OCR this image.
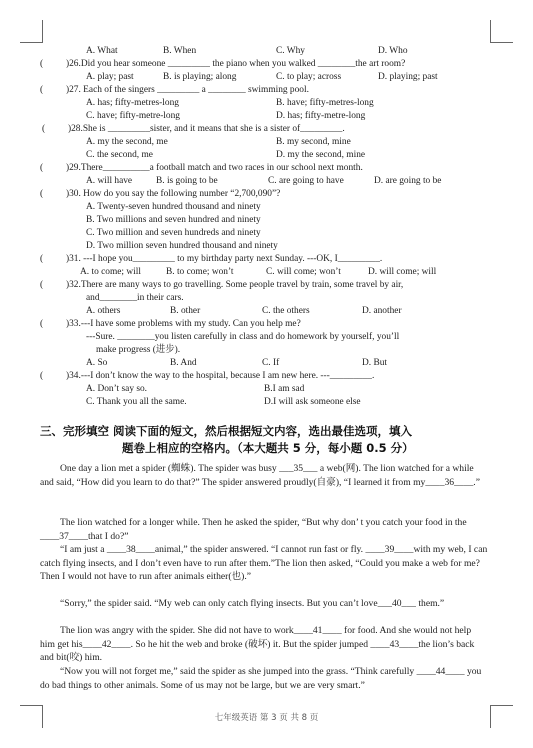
A. What	B. When	C. Why	D. Who
( )26.Did you hear someone _________ the piano when you walked ________the art room?
A. play; past	B. is playing; along	C. to play; across	D. playing; past
( )27. Each of the singers _________ a ________ swimming pool.
A. has; fifty-metres-long	B. have; fifty-metres-long
C. have; fifty-metre-long	D. has; fifty-metre-long
( )28.She is _________sister, and it means that she is a sister of_________.
A. my the second, me	B. my second, mine
C. the second, me	D. my the second, mine
( )29.There__________a football match and two races in our school next month.
A. will have	B. is going to be	C. are going to have	D. are going to be
( )30. How do you say the following number “2,700,090”?
A. Twenty-seven hundred thousand and ninety
B. Two millions and seven hundred and ninety
C. Two million and seven hundreds and ninety
D. Two million seven hundred thousand and ninety
( )31. ---I hope you_________ to my birthday party next Sunday. ---OK, I_________.
A. to come; will	B. to come; won’t	C. will come; won’t	D. will come; will
( )32.There are many ways to go travelling. Some people travel by train, some travel by air,
and________in their cars.
A. others	B. other	C. the others	D. another
( )33.---I have some problems with my study. Can you help me?
---Sure. ________you listen carefully in class and do homework by yourself, you’ll
make progress (进步).
A. So	B. And	C. If	D. But
( )34.---I don’t know the way to the hospital, because I am new here. ---_________.
A. Don’t say so.	B.I am sad
C. Thank you all the same.	D.I will ask someone else
三、完形填空 阅读下面的短文，然后根据短文内容，选出最佳选项，填入
题卷上相应的空格内。（本大题共 5 分，每小题 0.5 分）
One day a lion met a spider (蜘蛛). The spider was busy ___35___ a web(网). The lion watched for a while and said, “How did you learn to do that?” The spider answered proudly(自豪), “I learned it from my____36____.”
The lion watched for a longer while. Then he asked the spider, “But why don’ t you catch your food in the ____37____that I do?”
“I am just a ____38____animal,” the spider answered. “I cannot run fast or fly. ____39____with my web, I can catch flying insects, and I don’t even have to run after them.”The lion then asked, “Could you make a web for me? Then I would not have to run after animals either(也).”
“Sorry,” the spider said. “My web can only catch flying insects. But you can’t love___40___ them.”
The lion was angry with the spider. She did not have to work____41____ for food. And she would not help him get his____42____. So he hit the web and broke (破坏) it. But the spider jumped ____43____the lion’s back and bit(咬) him.
“Now you will not forget me,” said the spider as she jumped into the grass. “Think carefully ____44____ you do bad things to other animals. Some of us may not be large, but we are very smart.”
七年级英语 第 3 页 共 8 页
